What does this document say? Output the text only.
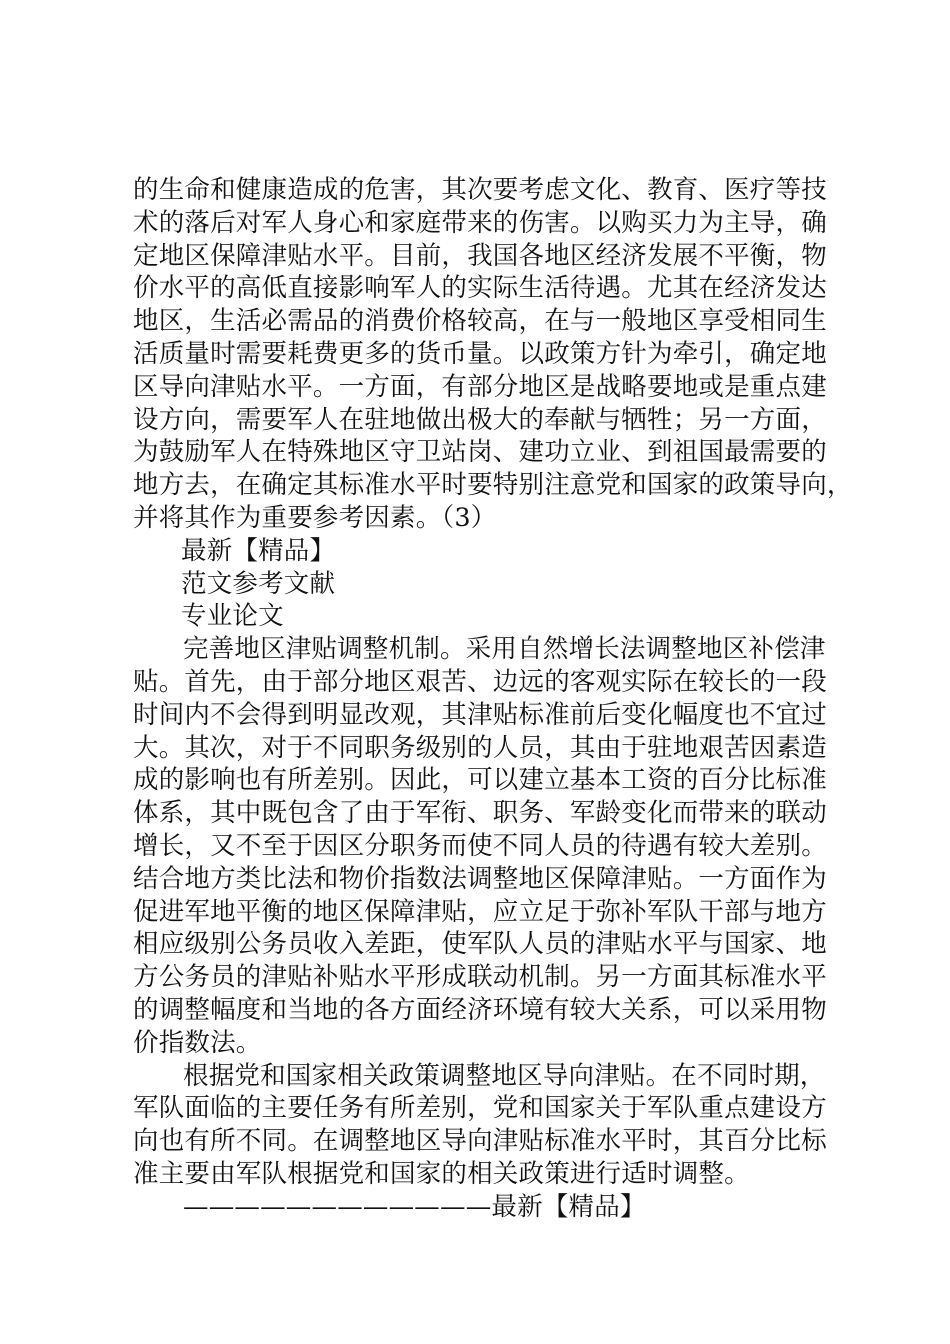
的生命和健康造成的危害，其次要考虑文化、教育、医疗等技
术的落后对军人身心和家庭带来的伤害。以购买力为主导，确
定地区保障津贴水平。目前，我国各地区经济发展不平衡，物
价水平的高低直接影响军人的实际生活待遇。尤其在经济发达
地区，生活必需品的消费价格较高，在与一般地区享受相同生
活质量时需要耗费更多的货币量。以政策方针为牵引，确定地
区导向津贴水平。一方面，有部分地区是战略要地或是重点建
设方向，需要军人在驻地做出极大的奉献与牺牲；另一方面，
为鼓励军人在特殊地区守卫站岗、建功立业、到祖国最需要的
地方去，在确定其标准水平时要特别注意党和国家的政策导向，
并将其作为重要参考因素。（3）

最新【精品】
范文参考文献
专业论文

完善地区津贴调整机制。采用自然增长法调整地区补偿津
贴。首先，由于部分地区艰苦、边远的客观实际在较长的一段
时间内不会得到明显改观，其津贴标准前后变化幅度也不宜过
大。其次，对于不同职务级别的人员，其由于驻地艰苦因素造
成的影响也有所差别。因此，可以建立基本工资的百分比标准
体系，其中既包含了由于军衔、职务、军龄变化而带来的联动
增长，又不至于因区分职务而使不同人员的待遇有较大差别。
结合地方类比法和物价指数法调整地区保障津贴。一方面作为
促进军地平衡的地区保障津贴，应立足于弥补军队干部与地方
相应级别公务员收入差距，使军队人员的津贴水平与国家、地
方公务员的津贴补贴水平形成联动机制。另一方面其标准水平
的调整幅度和当地的各方面经济环境有较大关系，可以采用物
价指数法。

根据党和国家相关政策调整地区导向津贴。在不同时期，
军队面临的主要任务有所差别，党和国家关于军队重点建设方
向也有所不同。在调整地区导向津贴标准水平时，其百分比标
准主要由军队根据党和国家的相关政策进行适时调整。

————————————最新【精品】
